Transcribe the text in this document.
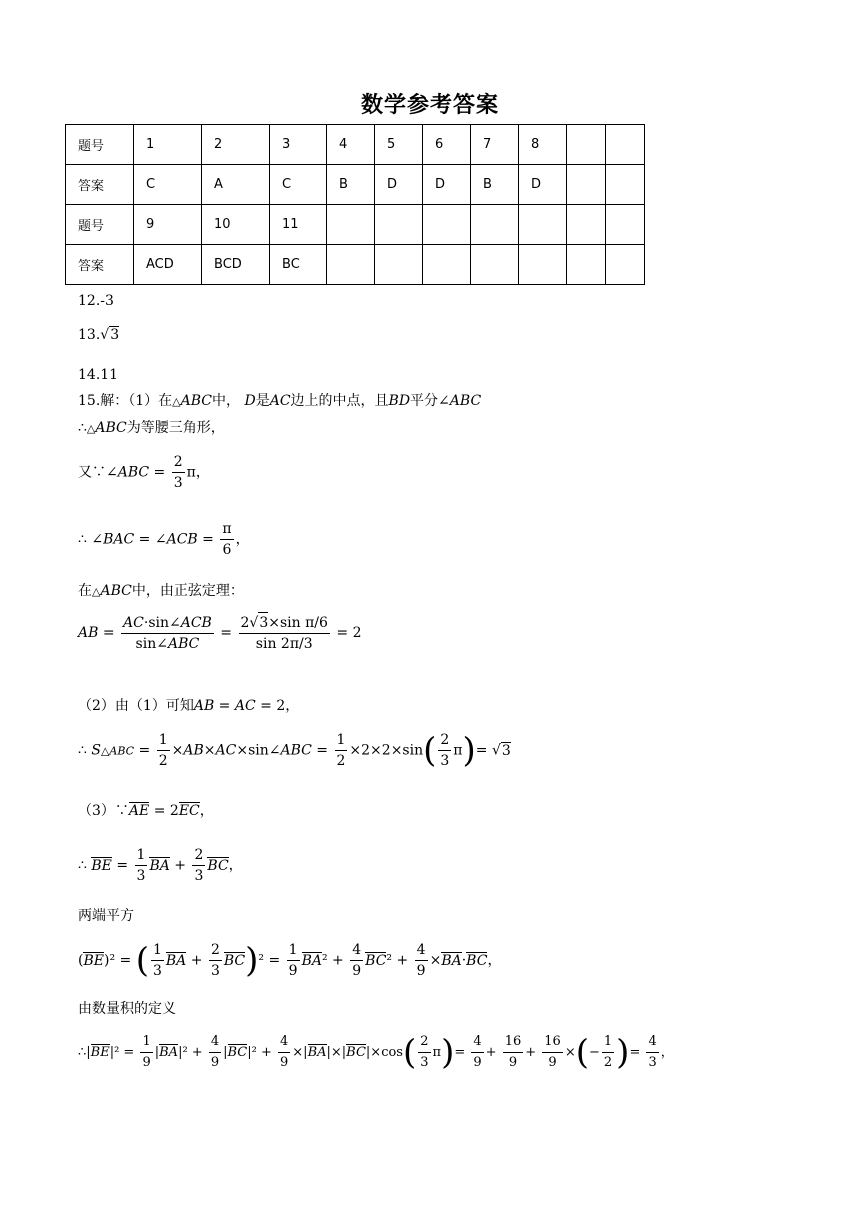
数学参考答案
题号	1	2	3	4	5	6	7	8		
答案	C	A	C	B	D	D	B	D		
题号	9	10	11							
答案	ACD	BCD	BC							
12.-3
13.√3
14.11
15.解：（1）在△ABC中， D是AC边上的中点，且BD平分∠ABC
∴△ABC为等腰三角形，
又∵∠ABC = $\frac{2}{3}$ π，
∴ ∠BAC = ∠ACB = $\frac{\pi}{6}$ ，
在△ABC中，由正弦定理：
AB = $\frac{\text{AC·sin∠ACB}}{\text{sin∠ABC}} = \frac{\text{2√3×sin π/6}}{\sin 2\pi/3} = 2$
（2）由（1）可知AB = AC = 2，
∴ S△ABC = $\frac{1}{2}$ ×AB×AC×sin∠ABC = $\frac{1}{2} \times 2\times 2\times\sin( \frac{2}{3} \pi)= √3$
（3）∵AE = 2EC，
∴ BE = $\frac{1}{3}$ BA + $\frac{2}{3}$ BC，
两端平方
(BE)² = ( $\frac{1}{3}$ BA + $\frac{2}{3} BC)^2 = \frac{1}{9} BA^2 + \frac{4}{9} BC^2 + \frac{4}{9} \times BA\cdot BC$，
由数量积的定义
∴|BE|² = $\frac{1}{9} |BA|^2 + \frac{4}{9} |BC|^2 + \frac{4}{9} \times|BA|\times|BC|\times\cos( \frac{2}{3} \pi)= \frac{4}{9} + \frac{16}{9} + \frac{16}{9}$ ×(− $\frac{1}{2}$ )= $\frac{4}{3}$ ，
